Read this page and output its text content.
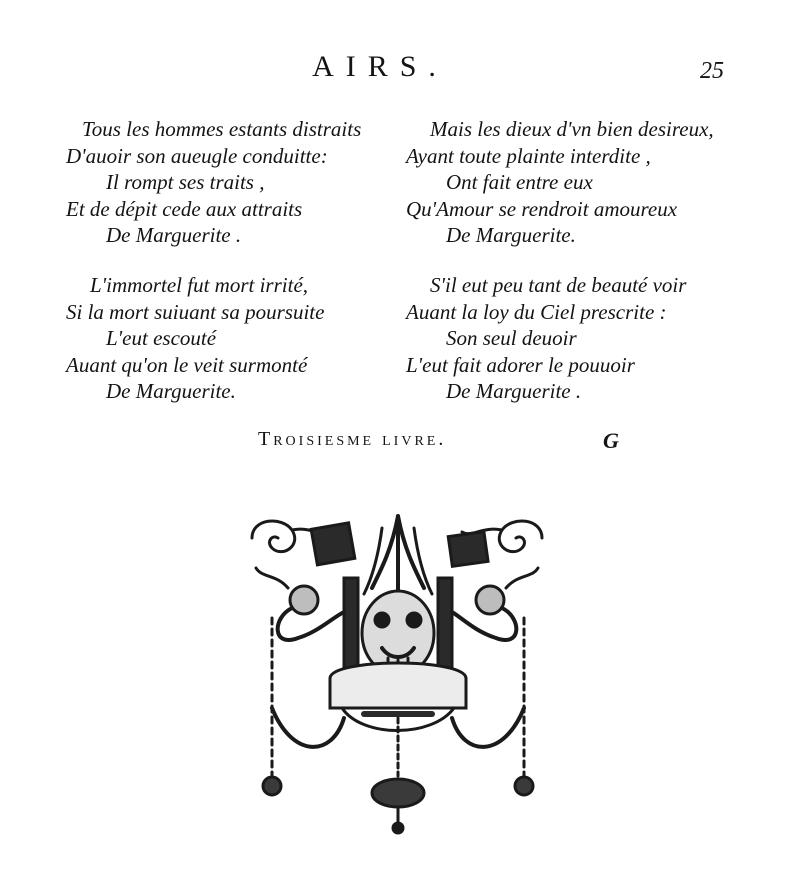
AIRS.	25
Tous les hommes estants distraits
D'auoir son aueugle conduitte:
Il rompt ses traits ,
Et de dépit cede aux attraits
De Marguerite .
Mais les dieux d'vn bien desireux,
Ayant toute plainte interdite ,
Ont fait entre eux
Qu'Amour se rendroit amoureux
De Marguerite.
L'immortel fut mort irrité,
Si la mort suiuant sa poursuite
L'eut escouté
Auant qu'on le veit surmonté
De Marguerite.
S'il eut peu tant de beauté voir
Auant la loy du Ciel prescrite :
Son seul deuoir
L'eut fait adorer le pouuoir
De Marguerite .
Troisiesme livre.	G
